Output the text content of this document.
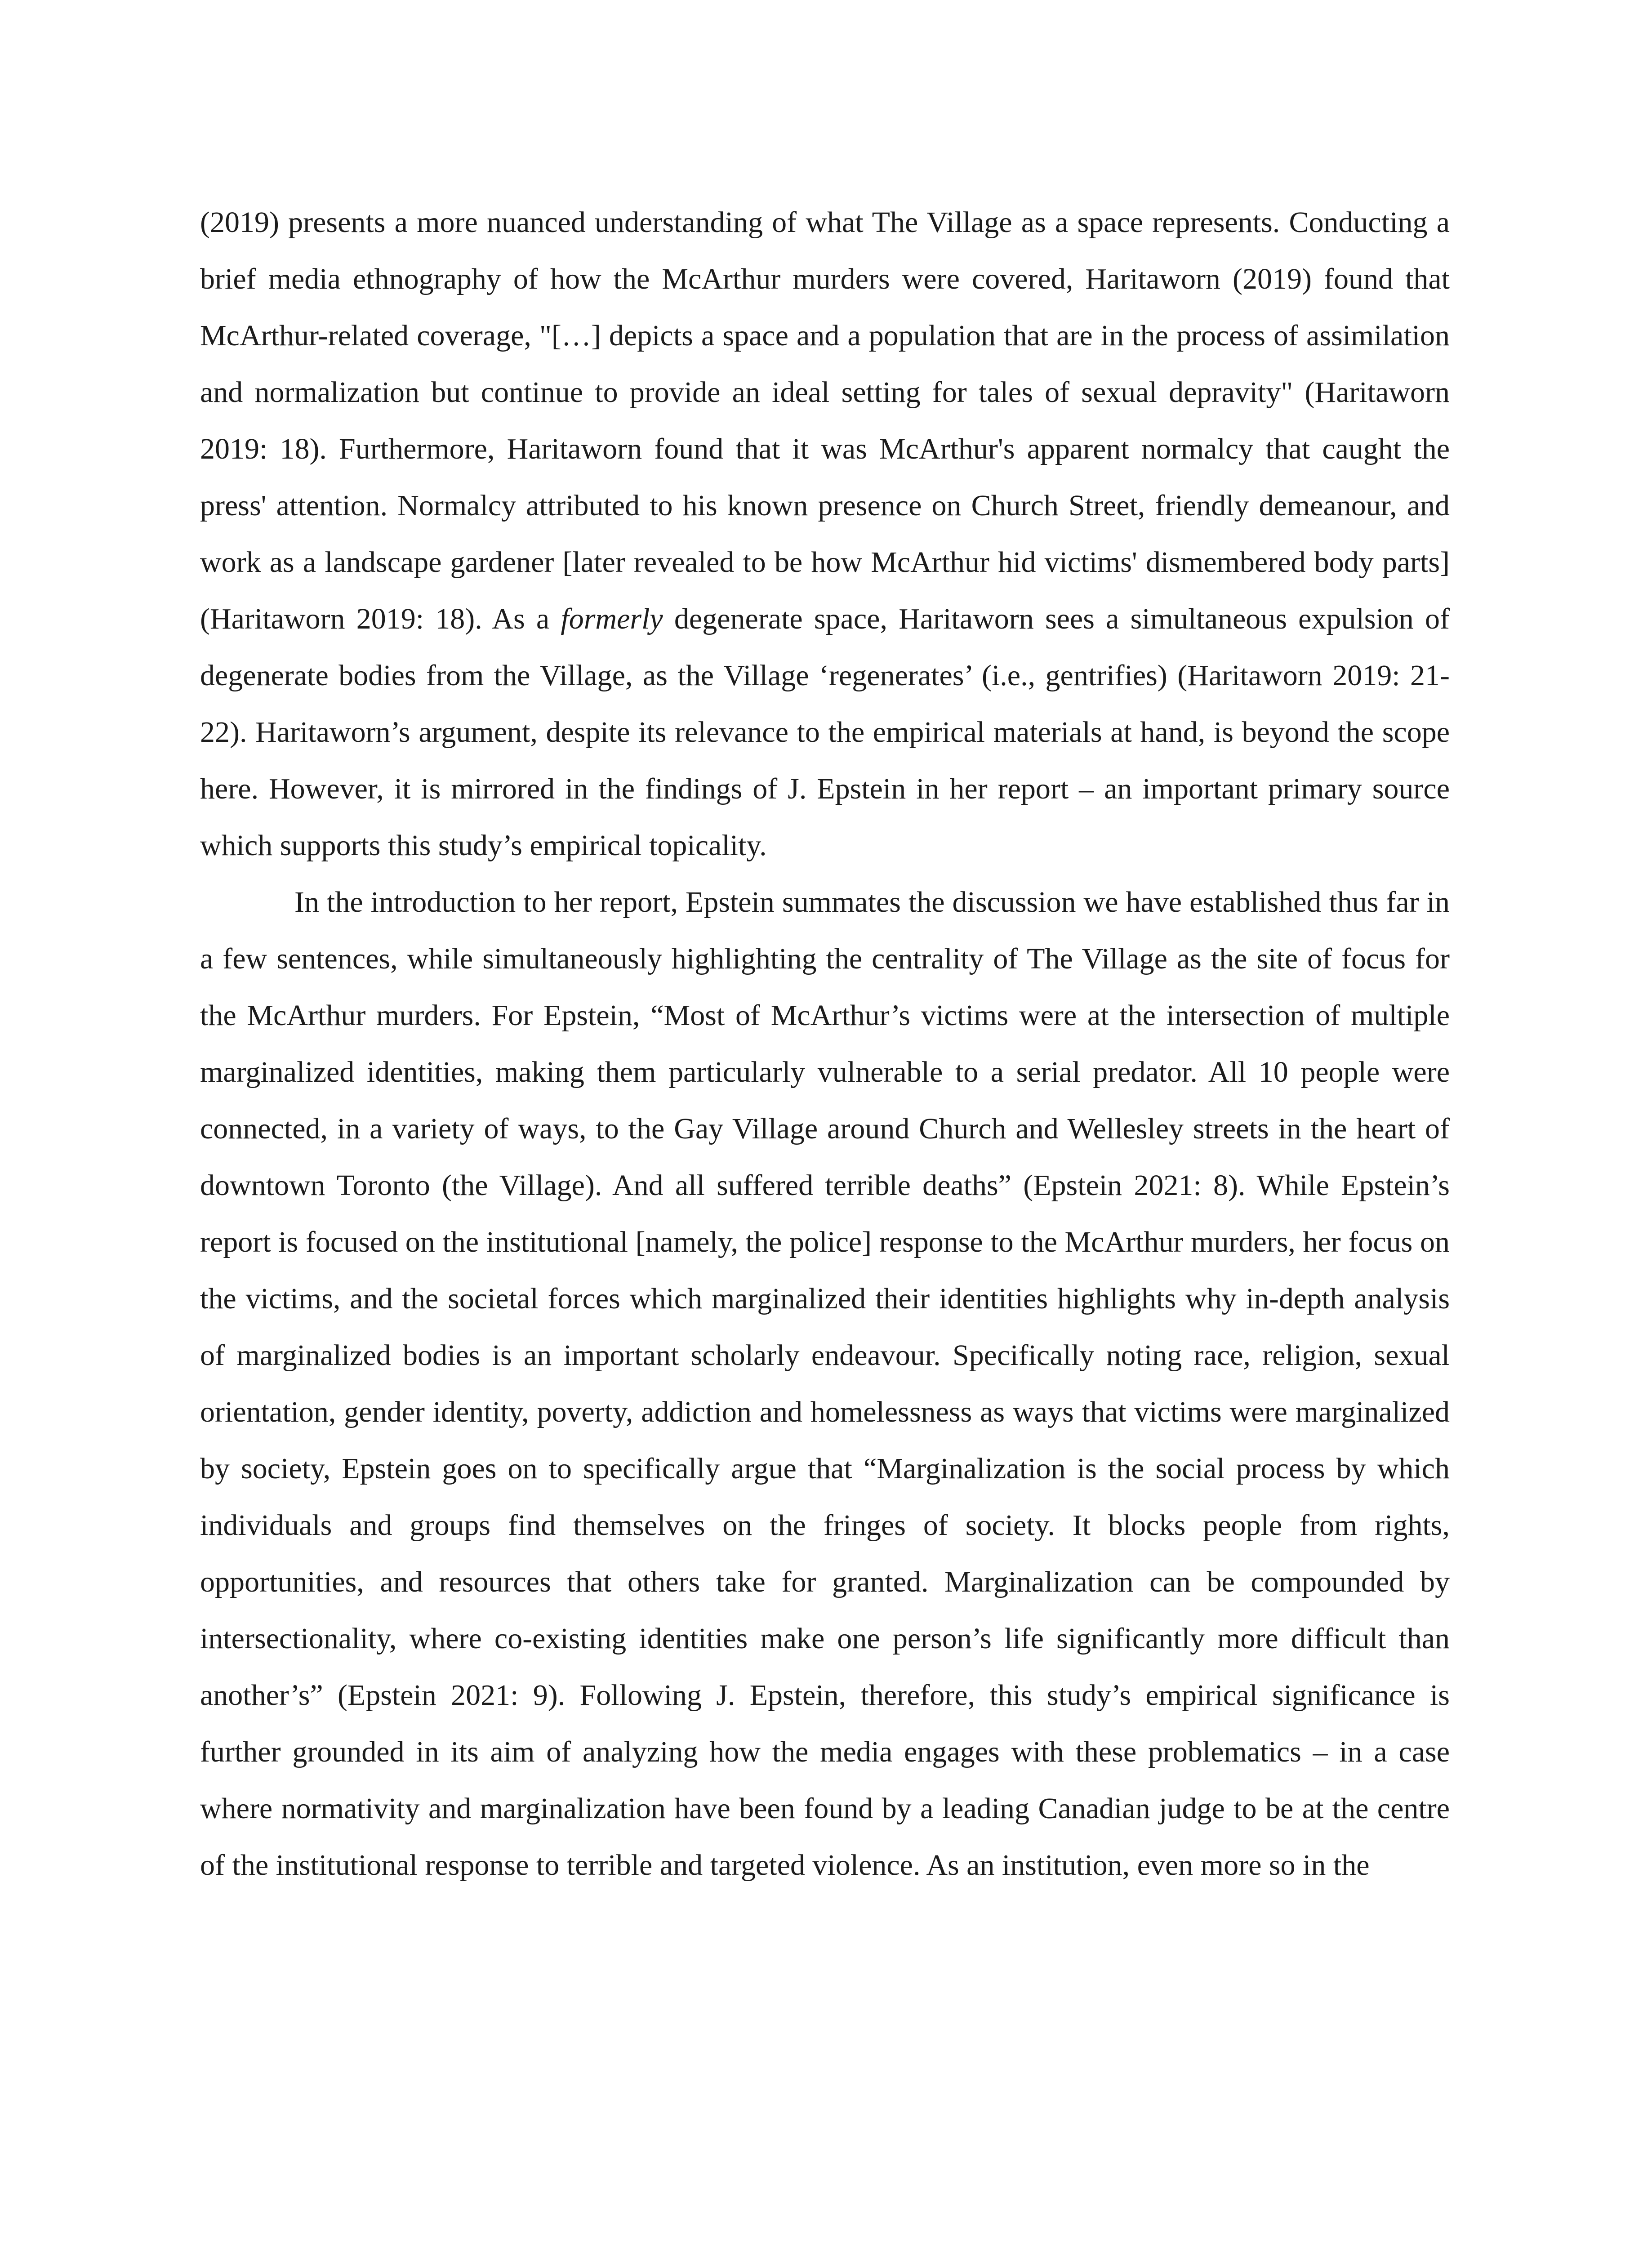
(2019) presents a more nuanced understanding of what The Village as a space represents. Conducting a brief media ethnography of how the McArthur murders were covered, Haritaworn (2019) found that McArthur-related coverage, "[…] depicts a space and a population that are in the process of assimilation and normalization but continue to provide an ideal setting for tales of sexual depravity" (Haritaworn 2019: 18). Furthermore, Haritaworn found that it was McArthur's apparent normalcy that caught the press' attention. Normalcy attributed to his known presence on Church Street, friendly demeanour, and work as a landscape gardener [later revealed to be how McArthur hid victims' dismembered body parts] (Haritaworn 2019: 18). As a formerly degenerate space, Haritaworn sees a simultaneous expulsion of degenerate bodies from the Village, as the Village ‘regenerates’ (i.e., gentrifies) (Haritaworn 2019: 21-22). Haritaworn’s argument, despite its relevance to the empirical materials at hand, is beyond the scope here. However, it is mirrored in the findings of J. Epstein in her report – an important primary source which supports this study’s empirical topicality.

In the introduction to her report, Epstein summates the discussion we have established thus far in a few sentences, while simultaneously highlighting the centrality of The Village as the site of focus for the McArthur murders. For Epstein, “Most of McArthur’s victims were at the intersection of multiple marginalized identities, making them particularly vulnerable to a serial predator. All 10 people were connected, in a variety of ways, to the Gay Village around Church and Wellesley streets in the heart of downtown Toronto (the Village). And all suffered terrible deaths” (Epstein 2021: 8). While Epstein’s report is focused on the institutional [namely, the police] response to the McArthur murders, her focus on the victims, and the societal forces which marginalized their identities highlights why in-depth analysis of marginalized bodies is an important scholarly endeavour. Specifically noting race, religion, sexual orientation, gender identity, poverty, addiction and homelessness as ways that victims were marginalized by society, Epstein goes on to specifically argue that “Marginalization is the social process by which individuals and groups find themselves on the fringes of society. It blocks people from rights, opportunities, and resources that others take for granted. Marginalization can be compounded by intersectionality, where co-existing identities make one person’s life significantly more difficult than another’s” (Epstein 2021: 9). Following J. Epstein, therefore, this study’s empirical significance is further grounded in its aim of analyzing how the media engages with these problematics – in a case where normativity and marginalization have been found by a leading Canadian judge to be at the centre of the institutional response to terrible and targeted violence. As an institution, even more so in the
